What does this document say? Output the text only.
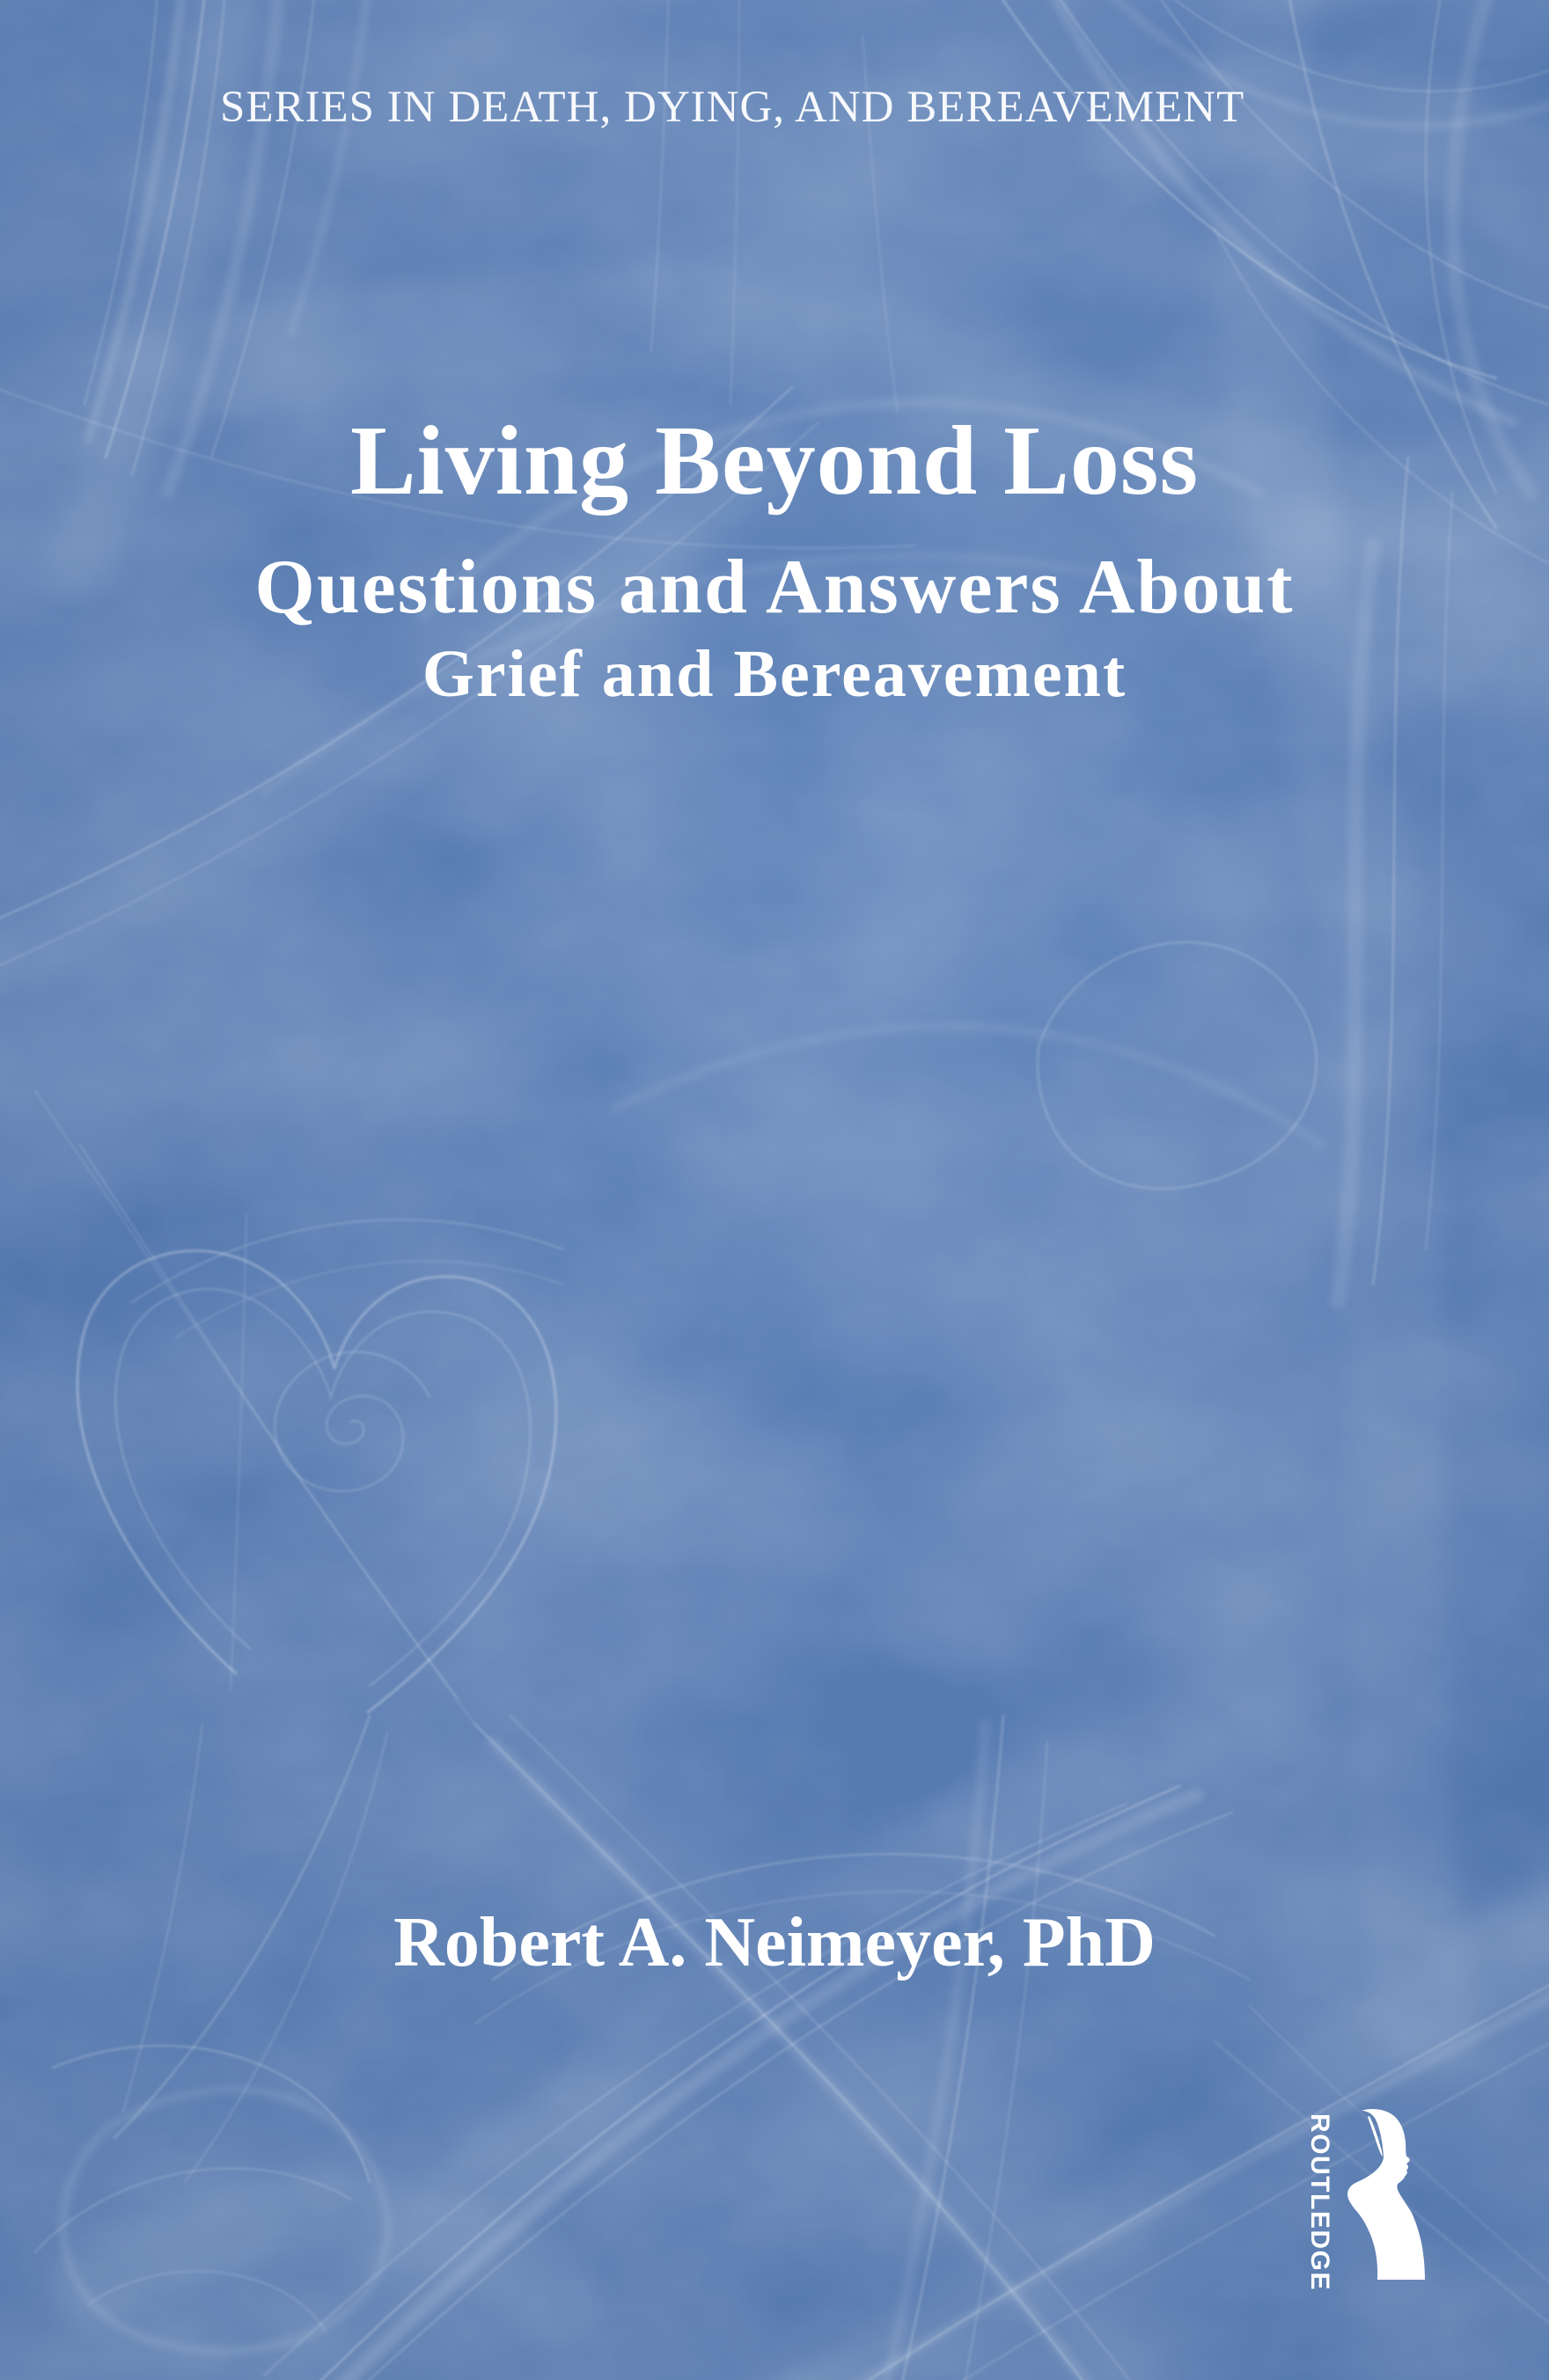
SERIES IN DEATH, DYING, AND BEREAVEMENT
Living Beyond Loss
Questions and Answers About
Grief and Bereavement
Robert A. Neimeyer, PhD
ROUTLEDGE
